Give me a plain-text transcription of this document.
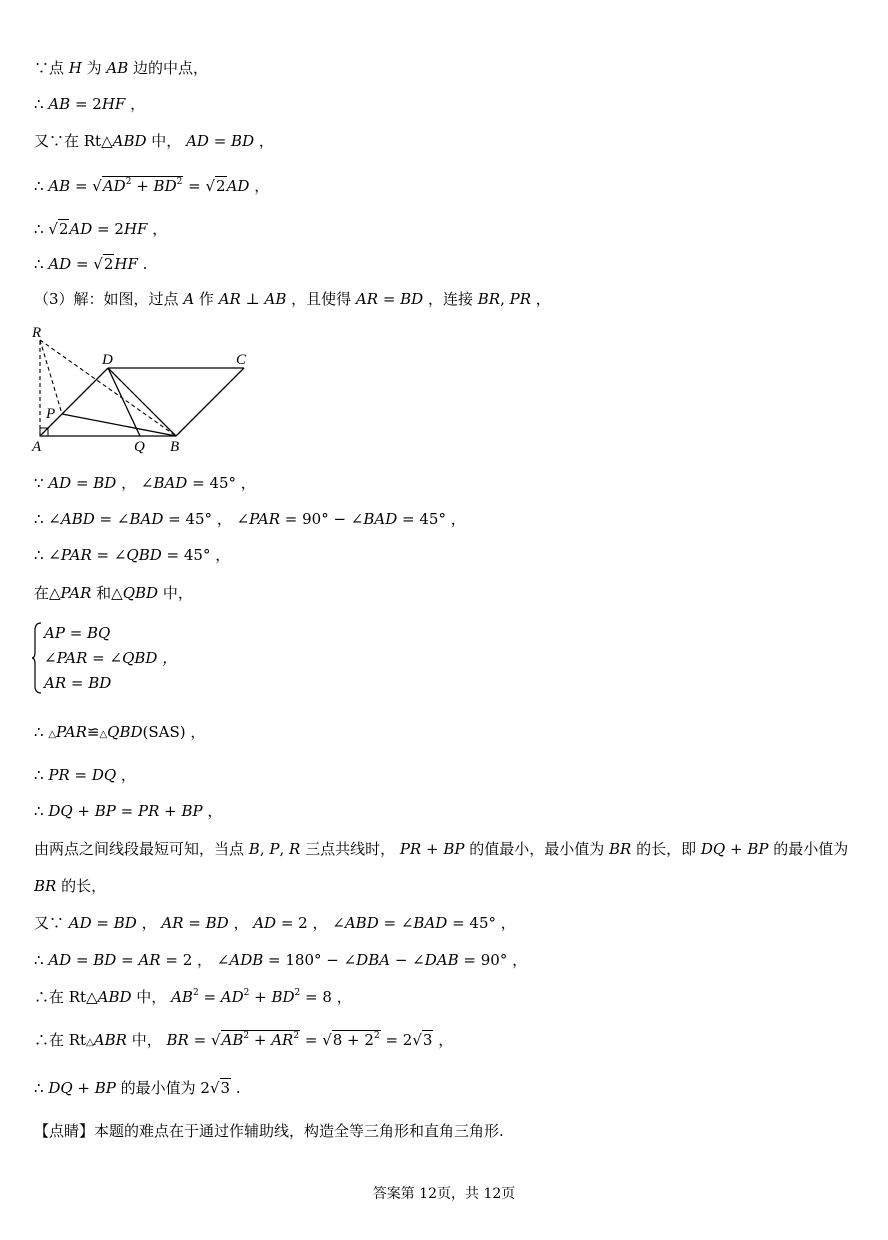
∵点 H 为 AB 边的中点，
∴ AB = 2HF ，
又∵在 Rt△ABD 中， AD = BD ，
∴ AB = $√AD^2 + BD^2 = √2AD$ ，
∴ √2AD = 2HF ，
∴ AD = √2HF .
（3）解：如图，过点 A 作 AR ⊥ AB ，且使得 AR = BD ，连接 BR, PR ，
R
D	C
P
A	Q B
∵ AD = BD ， ∠BAD = 45° ，
∴ ∠ABD = ∠BAD = 45° ， ∠PAR = 90° − ∠BAD = 45° ，
∴ ∠PAR = ∠QBD = 45° ，
在△PAR 和△QBD 中，
AP = BQ
∠PAR = ∠QBD ，
AR = BD
∴ △PAR≌△QBD(SAS) ，
∴ PR = DQ ，
∴ DQ + BP = PR + BP ，
由两点之间线段最短可知，当点 B, P, R 三点共线时， PR + BP 的值最小，最小值为 BR 的长，即 DQ + BP 的最小值为
BR 的长，
又∵ AD = BD ， AR = BD ， AD = 2 ， ∠ABD = ∠BAD = 45° ，
∴ AD = BD = AR = 2 ， ∠ADB = 180° − ∠DBA − ∠DAB = 90° ，
∴在 Rt△ABD 中， $AB^2 = AD^2 + BD^2 = 8$ ，
∴在 Rt△ABR 中， BR = $√AB^2 + AR^2 = √8 + 2^2 = 2√3$ ，
∴ DQ + BP 的最小值为 2√3 .
【点睛】本题的难点在于通过作辅助线，构造全等三角形和直角三角形.
答案第 12页，共 12页
